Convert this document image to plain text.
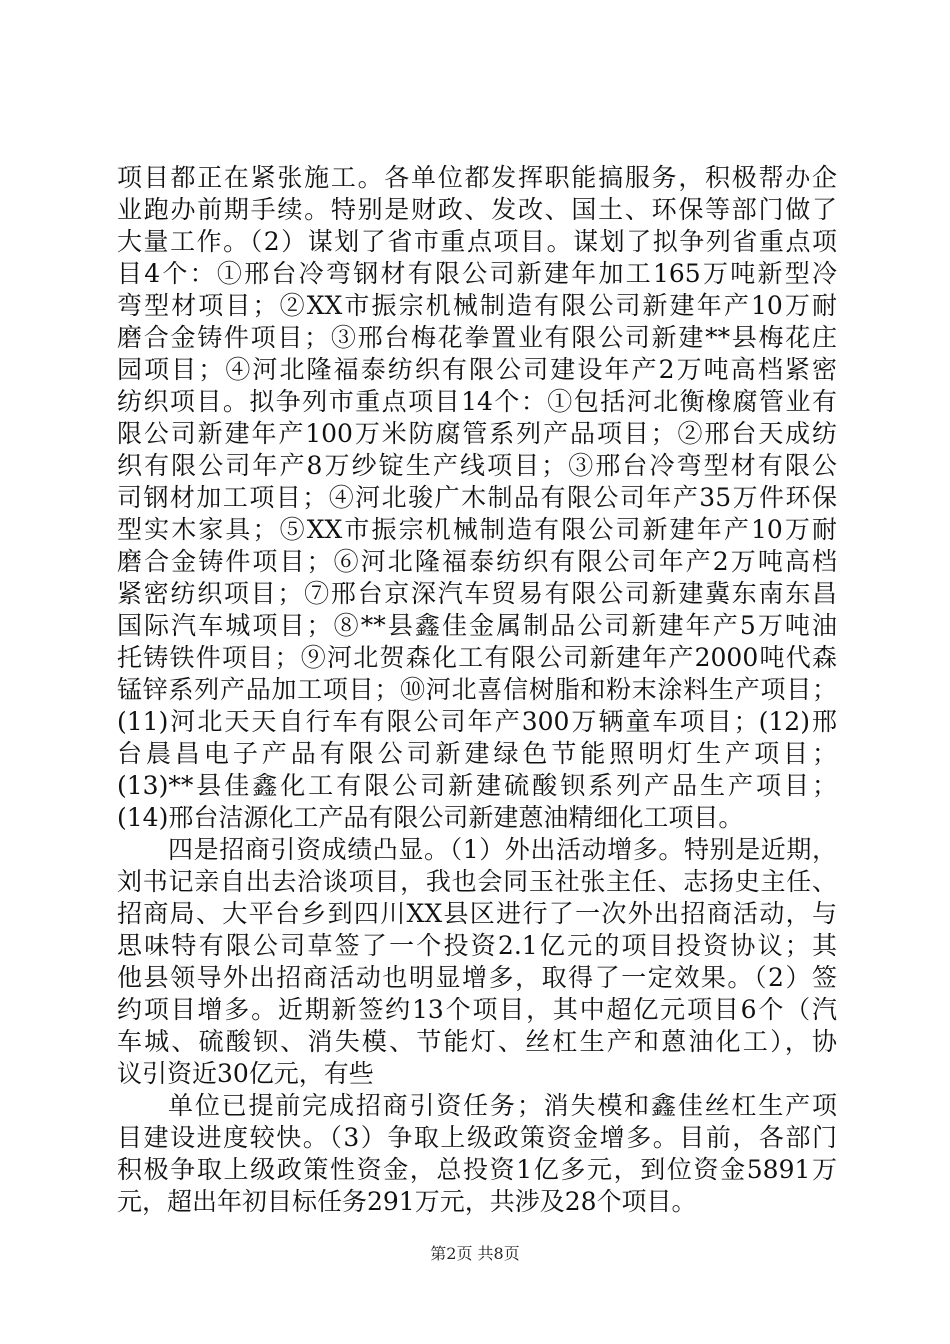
项目都正在紧张施工。各单位都发挥职能搞服务，积极帮办企
业跑办前期手续。特别是财政、发改、国土、环保等部门做了
大量工作。（2）谋划了省市重点项目。谋划了拟争列省重点项
目4个：①邢台冷弯钢材有限公司新建年加工165万吨新型冷
弯型材项目；②XX市振宗机械制造有限公司新建年产10万耐
磨合金铸件项目；③邢台梅花拳置业有限公司新建**县梅花庄
园项目；④河北隆福泰纺织有限公司建设年产2万吨高档紧密
纺织项目。拟争列市重点项目14个：①包括河北衡橡腐管业有
限公司新建年产100万米防腐管系列产品项目；②邢台天成纺
织有限公司年产8万纱锭生产线项目；③邢台冷弯型材有限公
司钢材加工项目；④河北骏广木制品有限公司年产35万件环保
型实木家具；⑤XX市振宗机械制造有限公司新建年产10万耐
磨合金铸件项目；⑥河北隆福泰纺织有限公司年产2万吨高档
紧密纺织项目；⑦邢台京深汽车贸易有限公司新建冀东南东昌
国际汽车城项目；⑧**县鑫佳金属制品公司新建年产5万吨油
托铸铁件项目；⑨河北贺森化工有限公司新建年产2000吨代森
锰锌系列产品加工项目；⑩河北喜信树脂和粉末涂料生产项目；
(11)河北天天自行车有限公司年产300万辆童车项目；(12)邢
台晨昌电子产品有限公司新建绿色节能照明灯生产项目；
(13)**县佳鑫化工有限公司新建硫酸钡系列产品生产项目；
(14)邢台洁源化工产品有限公司新建蒽油精细化工项目。
四是招商引资成绩凸显。（1）外出活动增多。特别是近期，
刘书记亲自出去洽谈项目，我也会同玉社张主任、志扬史主任、
招商局、大平台乡到四川XX县区进行了一次外出招商活动，与
思味特有限公司草签了一个投资2.1亿元的项目投资协议；其
他县领导外出招商活动也明显增多，取得了一定效果。（2）签
约项目增多。近期新签约13个项目，其中超亿元项目6个（汽
车城、硫酸钡、消失模、节能灯、丝杠生产和蒽油化工），协
议引资近30亿元，有些
单位已提前完成招商引资任务；消失模和鑫佳丝杠生产项
目建设进度较快。（3）争取上级政策资金增多。目前，各部门
积极争取上级政策性资金，总投资1亿多元，到位资金5891万
元，超出年初目标任务291万元，共涉及28个项目。
第2页 共8页
